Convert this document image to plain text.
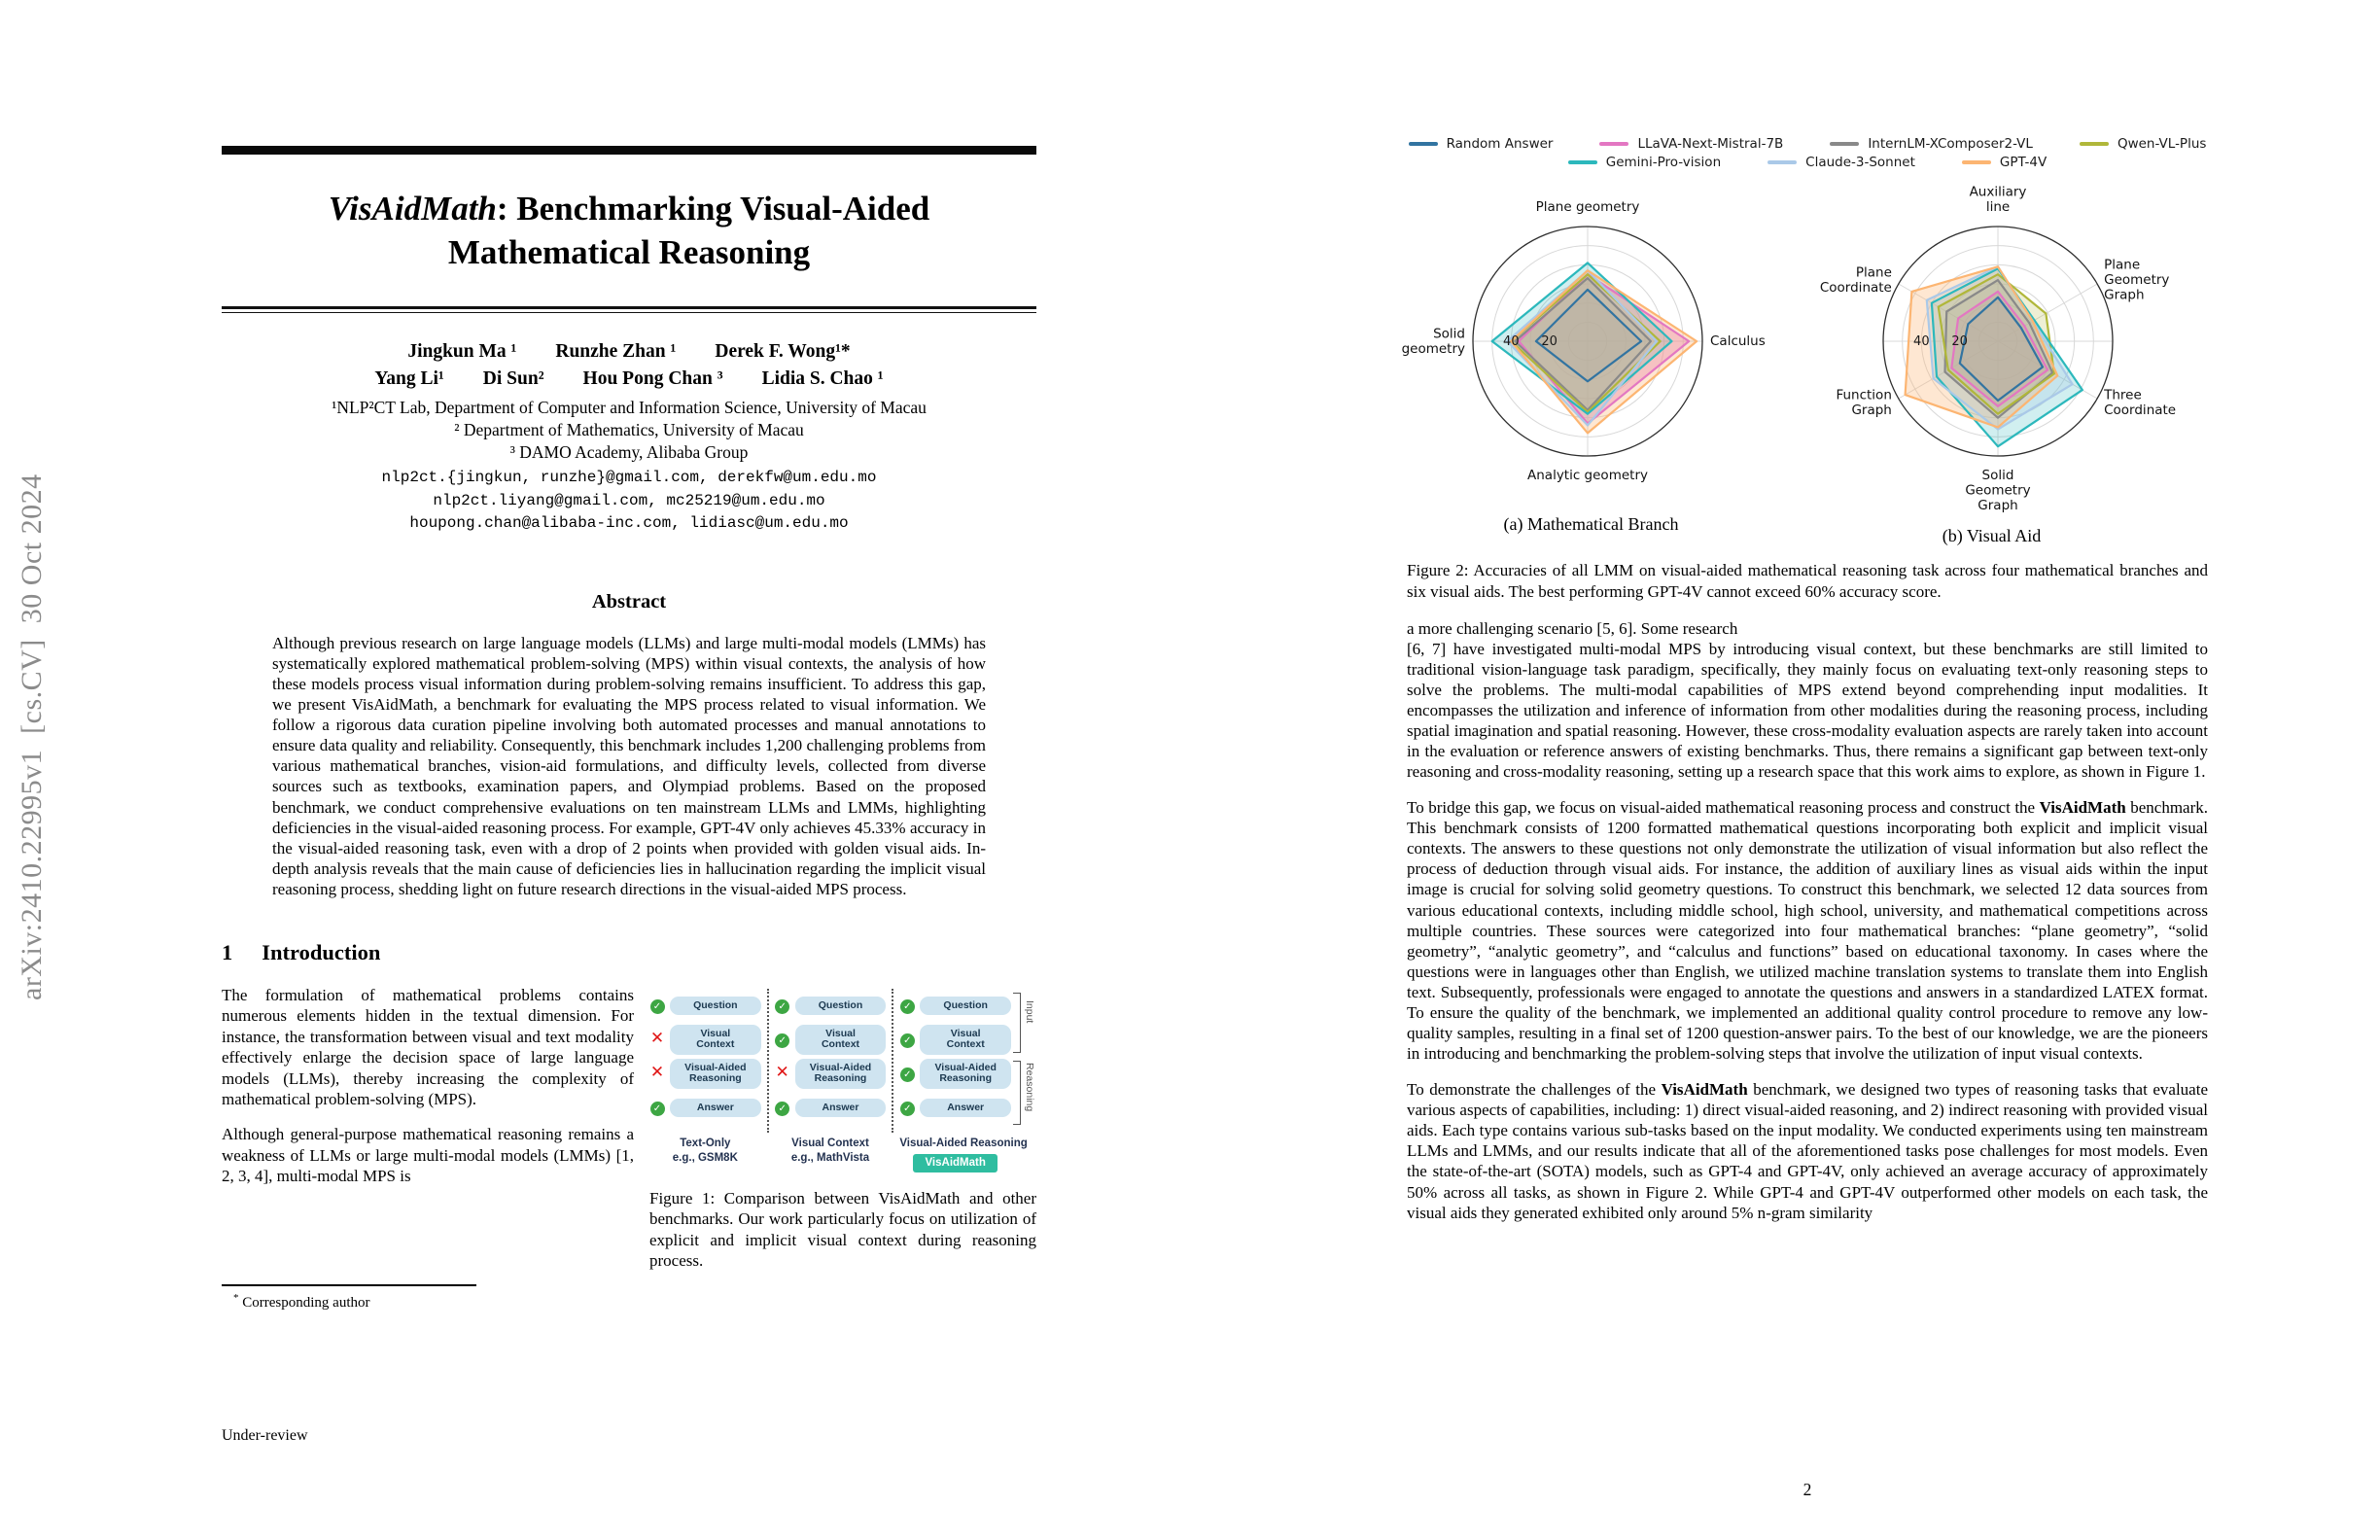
arXiv:2410.22995v1  [cs.CV]  30 Oct 2024
VisAidMath: Benchmarking Visual-Aided
Mathematical Reasoning
Jingkun Ma ¹ Runzhe Zhan ¹ Derek F. Wong¹*
Yang Li¹ Di Sun² Hou Pong Chan ³ Lidia S. Chao ¹
¹NLP²CT Lab, Department of Computer and Information Science, University of Macau
² Department of Mathematics, University of Macau
³ DAMO Academy, Alibaba Group
nlp2ct.{jingkun, runzhe}@gmail.com, derekfw@um.edu.mo
nlp2ct.liyang@gmail.com, mc25219@um.edu.mo
houpong.chan@alibaba-inc.com, lidiasc@um.edu.mo
Abstract

Although previous research on large language models (LLMs) and large multi-modal models (LMMs) has systematically explored mathematical problem-solving (MPS) within visual contexts, the analysis of how these models process visual information during problem-solving remains insufficient. To address this gap, we present VisAidMath, a benchmark for evaluating the MPS process related to visual information. We follow a rigorous data curation pipeline involving both automated processes and manual annotations to ensure data quality and reliability. Consequently, this benchmark includes 1,200 challenging problems from various mathematical branches, vision-aid formulations, and difficulty levels, collected from diverse sources such as textbooks, examination papers, and Olympiad problems. Based on the proposed benchmark, we conduct comprehensive evaluations on ten mainstream LLMs and LMMs, highlighting deficiencies in the visual-aided reasoning process. For example, GPT-4V only achieves 45.33% accuracy in the visual-aided reasoning task, even with a drop of 2 points when provided with golden visual aids. In-depth analysis reveals that the main cause of deficiencies lies in hallucination regarding the implicit visual reasoning process, shedding light on future research directions in the visual-aided MPS process.

1 Introduction

The formulation of mathematical problems contains numerous elements hidden in the textual dimension. For instance, the transformation between visual and text modality effectively enlarge the decision space of large language models (LLMs), thereby increasing the complexity of mathematical problem-solving (MPS).

Although general-purpose mathematical reasoning remains a weakness of LLMs or large multi-modal models (LMMs) [1, 2, 3, 4], multi-modal MPS is

✓	Question
✕	Visual
Context
✕	Visual-Aided
Reasoning
✓	Answer
Text-Only
e.g., GSM8K
✓	Question
✓
Visual
Context
✕	Visual-Aided
Reasoning
✓	Answer
Visual Context
e.g., MathVista
✓	Question
✓
Visual
Context
✓
Visual-Aided
Reasoning
✓	Answer
Visual-Aided Reasoning
VisAidMath
Input
Reasoning
Figure 1: Comparison between VisAidMath and other benchmarks. Our work particularly focus on utilization of explicit and implicit visual context during reasoning process.
* Corresponding author
Under-review
Random Answer	LLaVA-Next-Mistral-7B	InternLM-XComposer2-VL	Qwen-VL-Plus
Gemini-Pro-vision	Claude-3-Sonnet	GPT-4V
20
40
Plane geometry
Calculus
Analytic geometry
Solid
geometry
(a) Mathematical Branch
20
40
Auxiliary
line
Plane
Geometry
Graph
Three
Coordinate
Solid
Geometry
Graph
Function
Graph
Plane
Coordinate
(b) Visual Aid

Figure 2: Accuracies of all LMM on visual-aided mathematical reasoning task across four mathematical branches and six visual aids. The best performing GPT-4V cannot exceed 60% accuracy score.

a more challenging scenario [5, 6]. Some research
[6, 7] have investigated multi-modal MPS by introducing visual context, but these benchmarks are still limited to traditional vision-language task paradigm, specifically, they mainly focus on evaluating text-only reasoning steps to solve the problems. The multi-modal capabilities of MPS extend beyond comprehending input modalities. It encompasses the utilization and inference of information from other modalities during the reasoning process, including spatial imagination and spatial reasoning. However, these cross-modality evaluation aspects are rarely taken into account in the evaluation or reference answers of existing benchmarks. Thus, there remains a significant gap between text-only reasoning and cross-modality reasoning, setting up a research space that this work aims to explore, as shown in Figure 1.

To bridge this gap, we focus on visual-aided mathematical reasoning process and construct the VisAidMath benchmark. This benchmark consists of 1200 formatted mathematical questions incorporating both explicit and implicit visual contexts. The answers to these questions not only demonstrate the utilization of visual information but also reflect the process of deduction through visual aids. For instance, the addition of auxiliary lines as visual aids within the input image is crucial for solving solid geometry questions. To construct this benchmark, we selected 12 data sources from various educational contexts, including middle school, high school, university, and mathematical competitions across multiple countries. These sources were categorized into four mathematical branches: “plane geometry”, “solid geometry”, “analytic geometry”, and “calculus and functions” based on educational taxonomy. In cases where the questions were in languages other than English, we utilized machine translation systems to translate them into English text. Subsequently, professionals were engaged to annotate the questions and answers in a standardized LATEX format. To ensure the quality of the benchmark, we implemented an additional quality control procedure to remove any low-quality samples, resulting in a final set of 1200 question-answer pairs. To the best of our knowledge, we are the pioneers in introducing and benchmarking the problem-solving steps that involve the utilization of input visual contexts.

To demonstrate the challenges of the VisAidMath benchmark, we designed two types of reasoning tasks that evaluate various aspects of capabilities, including: 1) direct visual-aided reasoning, and 2) indirect reasoning with provided visual aids. Each type contains various sub-tasks based on the input modality. We conducted experiments using ten mainstream LLMs and LMMs, and our results indicate that all of the aforementioned tasks pose challenges for most models. Even the state-of-the-art (SOTA) models, such as GPT-4 and GPT-4V, only achieved an average accuracy of approximately 50% across all tasks, as shown in Figure 2. While GPT-4 and GPT-4V outperformed other models on each task, the visual aids they generated exhibited only around 5% n-gram similarity

2
